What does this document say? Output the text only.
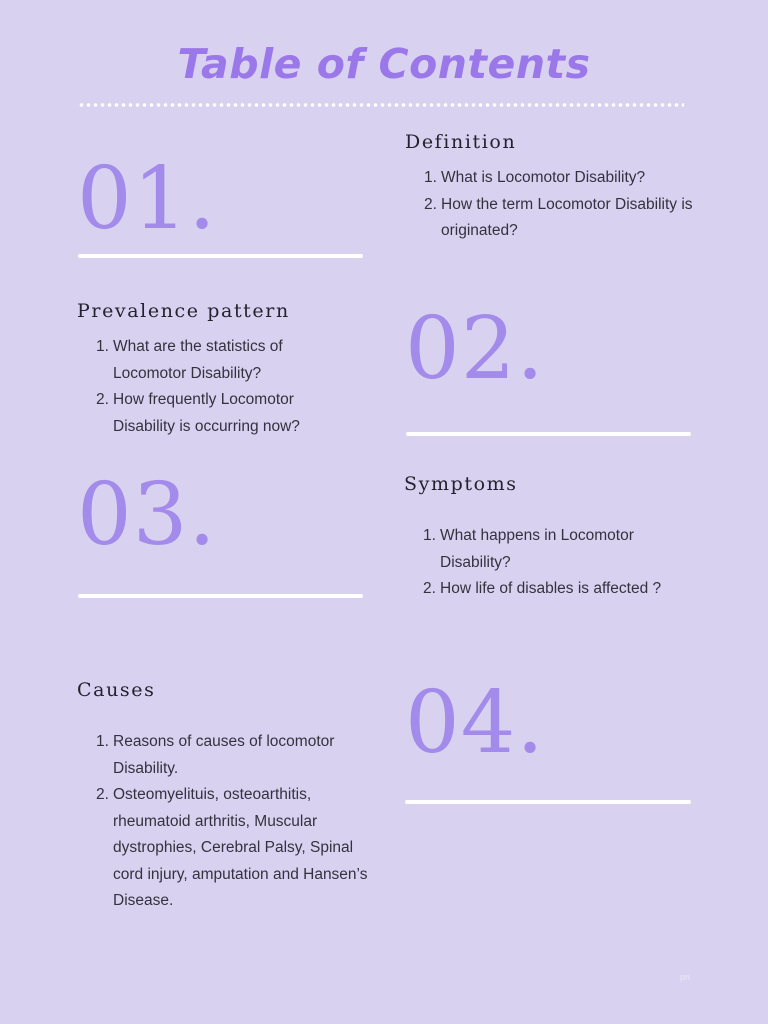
Table of Contents
01.
Definition
What is Locomotor Disability?
How the term Locomotor Disability is originated?
Prevalence pattern
What are the statistics of Locomotor Disability?
How frequently Locomotor Disability is occurring now?
02.
03.	Symptoms
What happens in Locomotor Disability?
How life of disables is affected ?
Causes
Reasons of causes of locomotor Disability.
Osteomyelituis, osteoarthitis, rheumatoid arthritis, Muscular dystrophies, Cerebral Palsy, Spinal cord injury, amputation and Hansen’s Disease.
04.
pn
